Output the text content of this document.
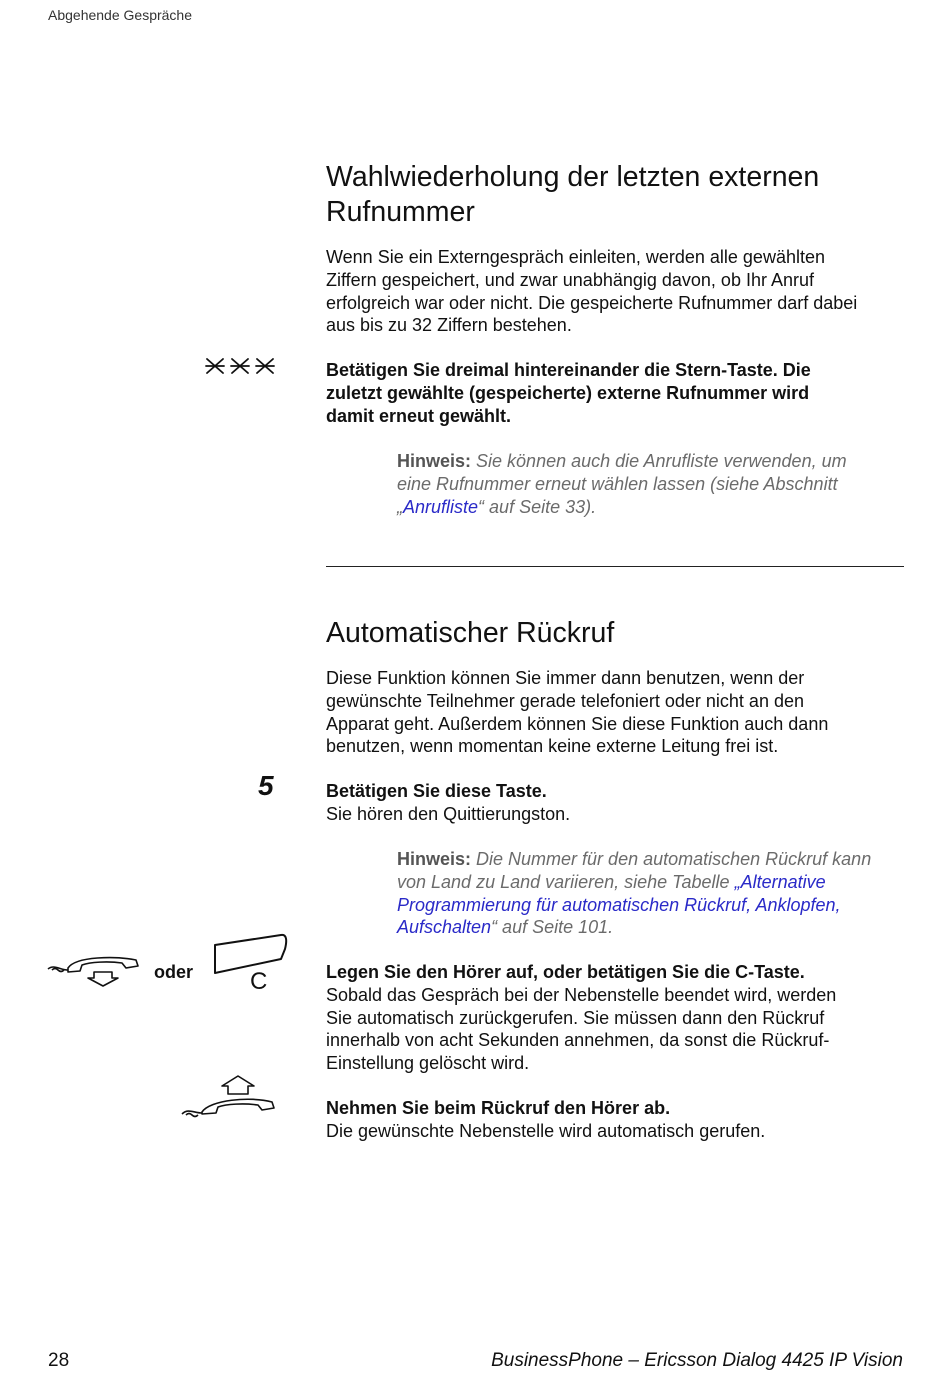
Abgehende Gespräche
Wahlwiederholung der letzten externen
Rufnummer
Wenn Sie ein Externgespräch einleiten, werden alle gewählten
Ziffern gespeichert, und zwar unabhängig davon, ob Ihr Anruf
erfolgreich war oder nicht. Die gespeicherte Rufnummer darf dabei
aus bis zu 32 Ziffern bestehen.
Betätigen Sie dreimal hintereinander die Stern-Taste. Die
zuletzt gewählte (gespeicherte) externe Rufnummer wird
damit erneut gewählt.
Hinweis: Sie können auch die Anrufliste verwenden, um
eine Rufnummer erneut wählen lassen (siehe Abschnitt
„Anrufliste“ auf Seite 33).
Automatischer Rückruf
Diese Funktion können Sie immer dann benutzen, wenn der
gewünschte Teilnehmer gerade telefoniert oder nicht an den
Apparat geht. Außerdem können Sie diese Funktion auch dann
benutzen, wenn momentan keine externe Leitung frei ist.
5	Betätigen Sie diese Taste.
Sie hören den Quittierungston.
Hinweis: Die Nummer für den automatischen Rückruf kann
von Land zu Land variieren, siehe Tabelle „Alternative
Programmierung für automatischen Rückruf, Anklopfen,
Aufschalten“ auf Seite 101.
oder C	Legen Sie den Hörer auf, oder betätigen Sie die C-Taste.
Sobald das Gespräch bei der Nebenstelle beendet wird, werden
Sie automatisch zurückgerufen. Sie müssen dann den Rückruf
innerhalb von acht Sekunden annehmen, da sonst die Rückruf-
Einstellung gelöscht wird.
Nehmen Sie beim Rückruf den Hörer ab.
Die gewünschte Nebenstelle wird automatisch gerufen.
28	BusinessPhone – Ericsson Dialog 4425 IP Vision
